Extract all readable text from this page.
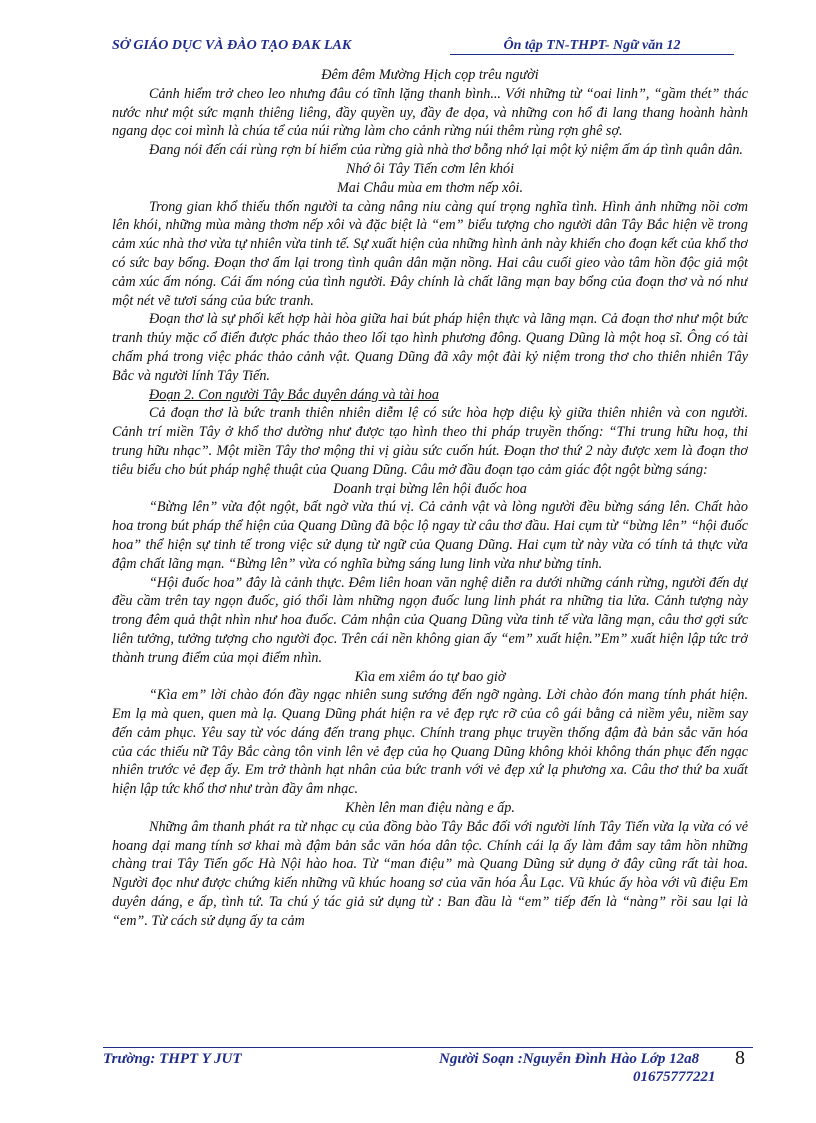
SỞ GIÁO DỤC VÀ ĐÀO TẠO ĐAK LAK	Ôn tập TN-THPT- Ngữ văn 12

Đêm đêm Mường Hịch cọp trêu người

Cảnh hiểm trở cheo leo nhưng đâu có tĩnh lặng thanh bình... Với những từ “oai linh”, “gầm thét” thác nước như một sức mạnh thiêng liêng, đầy quyền uy, đầy đe dọa, và những con hổ đi lang thang hoành hành ngang dọc coi mình là chúa tể của núi rừng làm cho cảnh rừng núi thêm rùng rợn ghê sợ.

Đang nói đến cái rùng rợn bí hiểm của rừng già nhà thơ bỗng nhớ lại một kỷ niệm ấm áp tình quân dân.

Nhớ ôi Tây Tiến cơm lên khói

Mai Châu mùa em thơm nếp xôi.

Trong gian khổ thiếu thốn người ta càng nâng niu càng quí trọng nghĩa tình. Hình ảnh những nồi cơm lên khói, những mùa màng thơm nếp xôi và đặc biệt là “em” biểu tượng cho người dân Tây Bắc hiện về trong cảm xúc nhà thơ vừa tự nhiên vừa tinh tế. Sự xuất hiện của những hình ảnh này khiến cho đoạn kết của khổ thơ có sức bay bổng. Đoạn thơ ấm lại trong tình quân dân mặn nồng. Hai câu cuối gieo vào tâm hồn độc giả một cảm xúc ấm nóng. Cái ấm nóng của tình người. Đây chính là chất lãng mạn bay bổng của đoạn thơ và nó như một nét vẽ tươi sáng của bức tranh.

Đoạn thơ là sự phối kết hợp hài hòa giữa hai bút pháp hiện thực và lãng mạn. Cả đoạn thơ như một bức tranh thủy mặc cổ điển được phác thảo theo lối tạo hình phương đông. Quang Dũng là một hoạ sĩ. Ông có tài chấm phá trong việc phác thảo cảnh vật. Quang Dũng đã xây một đài kỷ niệm trong thơ cho thiên nhiên Tây Bắc và người lính Tây Tiến.

Đoạn 2. Con người Tây Bắc duyên dáng và tài hoa

Cả đoạn thơ là bức tranh thiên nhiên diễm lệ có sức hòa hợp diệu kỳ giữa thiên nhiên và con người. Cảnh trí miền Tây ở khổ thơ dường như được tạo hình theo thi pháp truyền thống: “Thi trung hữu hoạ, thi trung hữu nhạc”. Một miền Tây thơ mộng thi vị giàu sức cuốn hút. Đoạn thơ thứ 2 này được xem là đoạn thơ tiêu biểu cho bút pháp nghệ thuật của Quang Dũng. Câu mở đầu đoạn tạo cảm giác đột ngột bừng sáng:

Doanh trại bừng lên hội đuốc hoa

“Bừng lên” vừa đột ngột, bất ngờ vừa thú vị. Cả cảnh vật và lòng người đều bừng sáng lên. Chất hào hoa trong bút pháp thể hiện của Quang Dũng đã bộc lộ ngay từ câu thơ đầu. Hai cụm từ “bừng lên” “hội đuốc hoa” thể hiện sự tinh tế trong việc sử dụng từ ngữ của Quang Dũng. Hai cụm từ này vừa có tính tả thực vừa đậm chất lãng mạn. “Bừng lên” vừa có nghĩa bừng sáng lung linh vừa như bừng tỉnh.

“Hội đuốc hoa” đây là cảnh thực. Đêm liên hoan văn nghệ diễn ra dưới những cánh rừng, người đến dự đều cầm trên tay ngọn đuốc, gió thổi làm những ngọn đuốc lung linh phát ra những tia lửa. Cảnh tượng này trong đêm quả thật nhìn như hoa đuốc. Cảm nhận của Quang Dũng vừa tinh tế vừa lãng mạn, câu thơ gợi sức liên tưởng, tưởng tượng cho người đọc. Trên cái nền không gian ấy “em” xuất hiện.”Em” xuất hiện lập tức trở thành trung điểm của mọi điểm nhìn.

Kìa em xiêm áo tự bao giờ

“Kìa em” lời chào đón đầy ngạc nhiên sung sướng đến ngỡ ngàng. Lời chào đón mang tính phát hiện. Em lạ mà quen, quen mà lạ. Quang Dũng phát hiện ra vẻ đẹp rực rỡ của cô gái bằng cả niềm yêu, niềm say đến cảm phục. Yêu say từ vóc dáng đến trang phục. Chính trang phục truyền thống đậm đà bản sắc văn hóa của các thiếu nữ Tây Bắc càng tôn vinh lên vẻ đẹp của họ Quang Dũng không khỏi không thán phục đến ngạc nhiên trước vẻ đẹp ấy. Em trở thành hạt nhân của bức tranh với vẻ đẹp xứ lạ phương xa. Câu thơ thứ ba xuất hiện lập tức khổ thơ như tràn đầy âm nhạc.

Khèn lên man điệu nàng e ấp.

Những âm thanh phát ra từ nhạc cụ của đồng bào Tây Bắc đối với người lính Tây Tiến vừa lạ vừa có vẻ hoang dại mang tính sơ khai mà đậm bản sắc văn hóa dân tộc. Chính cái lạ ấy làm đắm say tâm hồn những chàng trai Tây Tiến gốc Hà Nội hào hoa. Từ “man điệu” mà Quang Dũng sử dụng ở đây cũng rất tài hoa. Người đọc như được chứng kiến những vũ khúc hoang sơ của văn hóa Âu Lạc. Vũ khúc ấy hòa với vũ điệu Em duyên dáng, e ấp, tình tứ. Ta chú ý tác giả sử dụng từ : Ban đầu là “em” tiếp đến là “nàng” rồi sau lại là “em”. Từ cách sử dụng ấy ta cảm

Trường: THPT Y JUT	Người Soạn :Nguyễn Đình Hào Lớp 12a8
01675777221
8
